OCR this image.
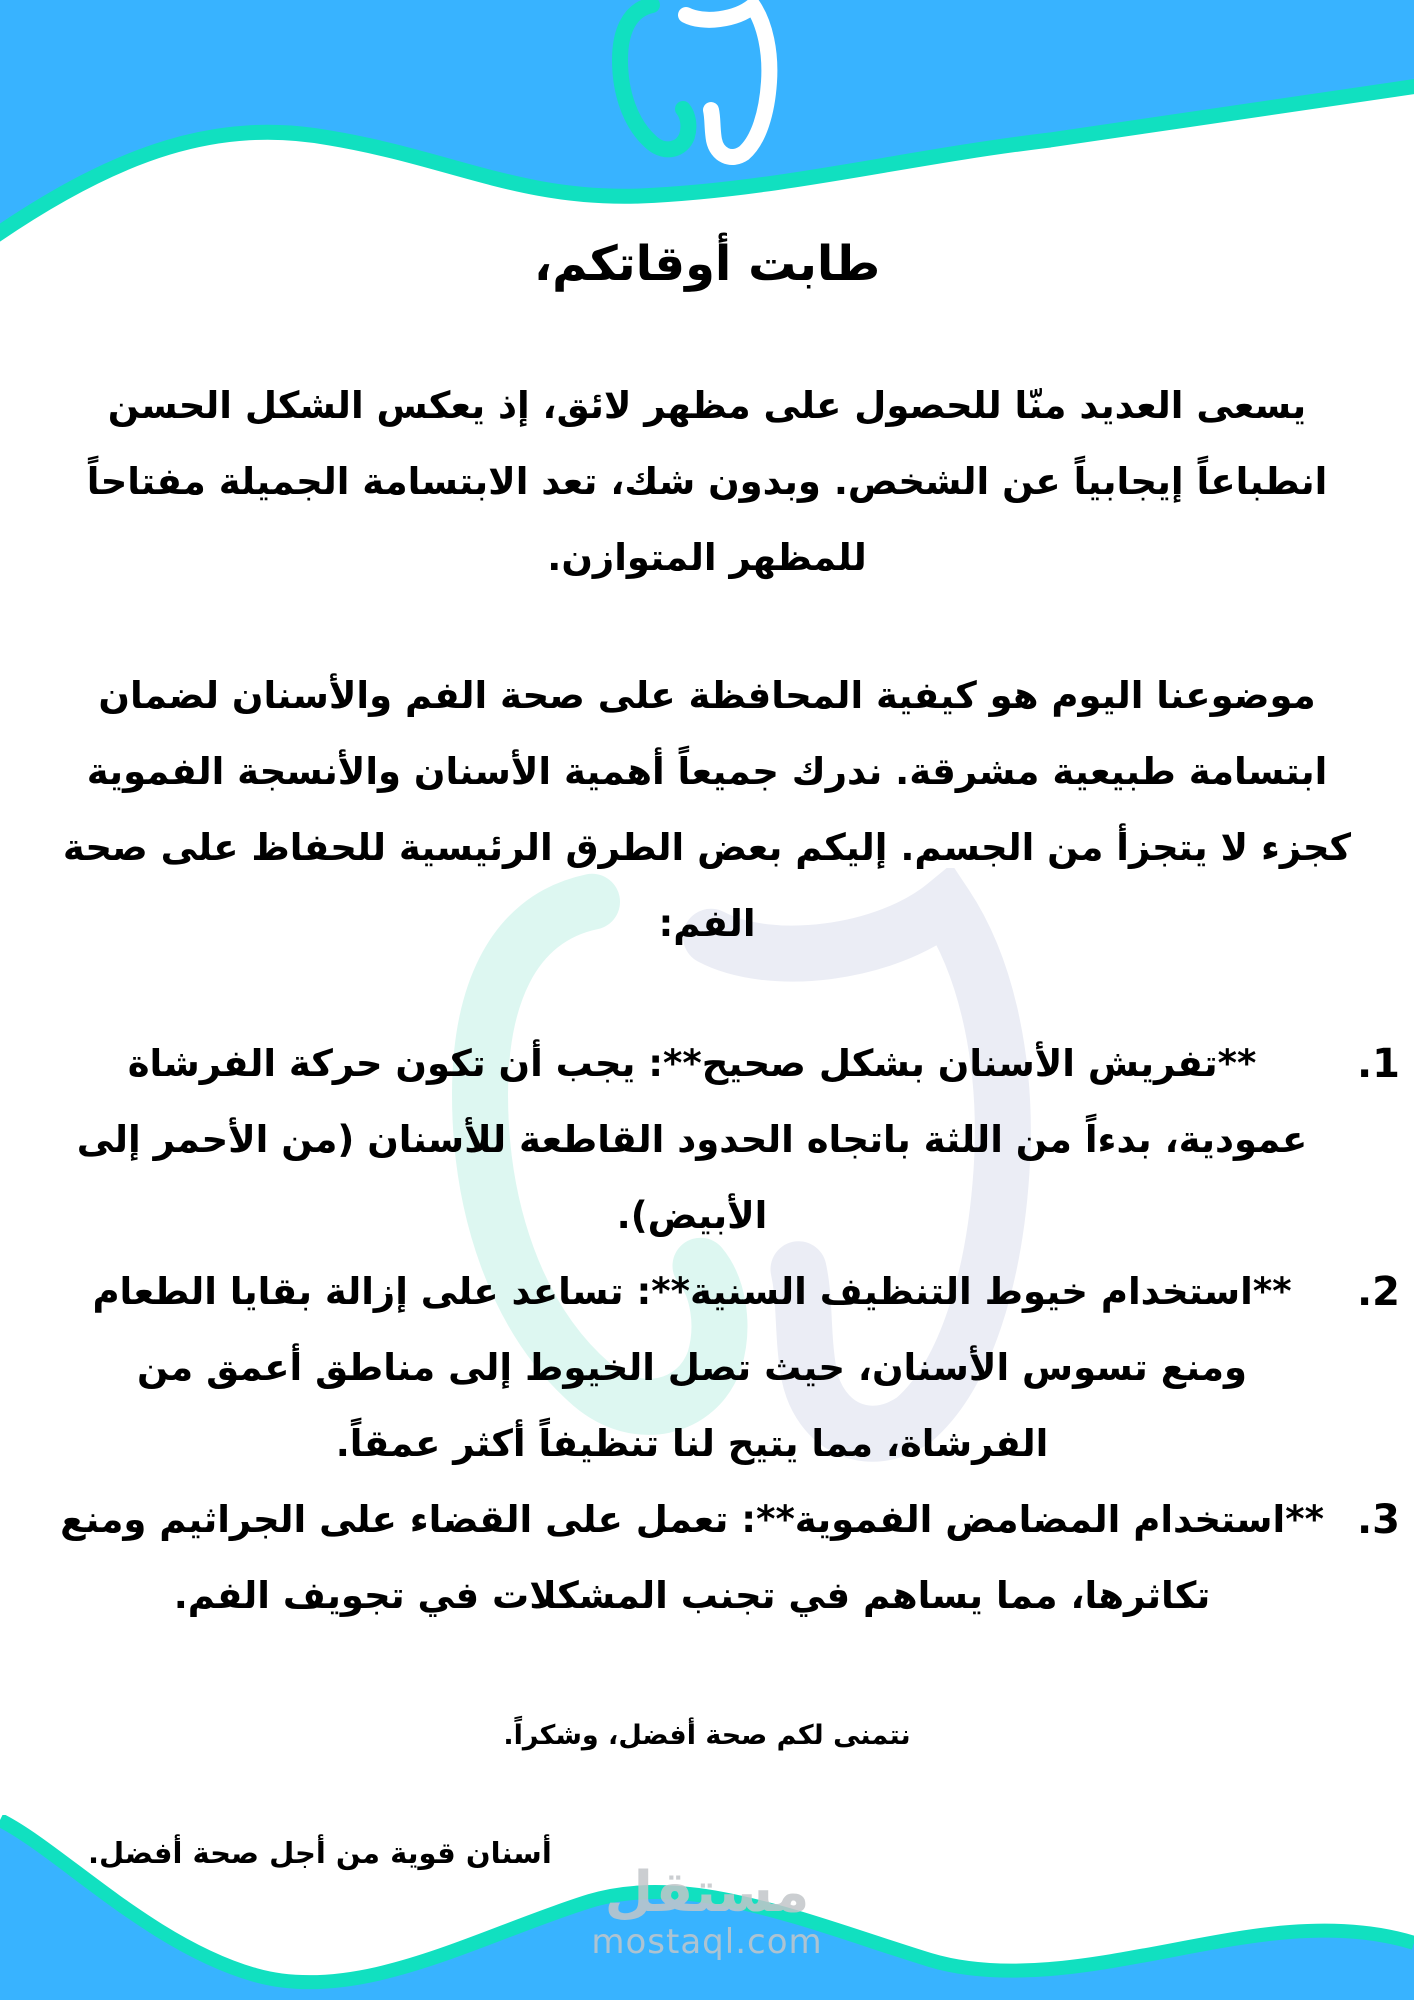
طابت أوقاتكم،
يسعى العديد منّا للحصول على مظهر لائق، إذ يعكس الشكل الحسن انطباعاً إيجابياً عن الشخص. وبدون شك، تعد الابتسامة الجميلة مفتاحاً للمظهر المتوازن.
موضوعنا اليوم هو كيفية المحافظة على صحة الفم والأسنان لضمان ابتسامة طبيعية مشرقة. ندرك جميعاً أهمية الأسنان والأنسجة الفموية كجزء لا يتجزأ من الجسم. إليكم بعض الطرق الرئيسية للحفاظ على صحة الفم:
1.
**تفريش الأسنان بشكل صحيح**: يجب أن تكون حركة الفرشاة عمودية، بدءاً من اللثة باتجاه الحدود القاطعة للأسنان (من الأحمر إلى الأبيض).
2.
**استخدام خيوط التنظيف السنية**: تساعد على إزالة بقايا الطعام ومنع تسوس الأسنان، حيث تصل الخيوط إلى مناطق أعمق من الفرشاة، مما يتيح لنا تنظيفاً أكثر عمقاً.
3.
**استخدام المضامض الفموية**: تعمل على القضاء على الجراثيم ومنع تكاثرها، مما يساهم في تجنب المشكلات في تجويف الفم.
نتمنى لكم صحة أفضل، وشكراً.
أسنان قوية من أجل صحة أفضل.
مستقل
mostaql.com
